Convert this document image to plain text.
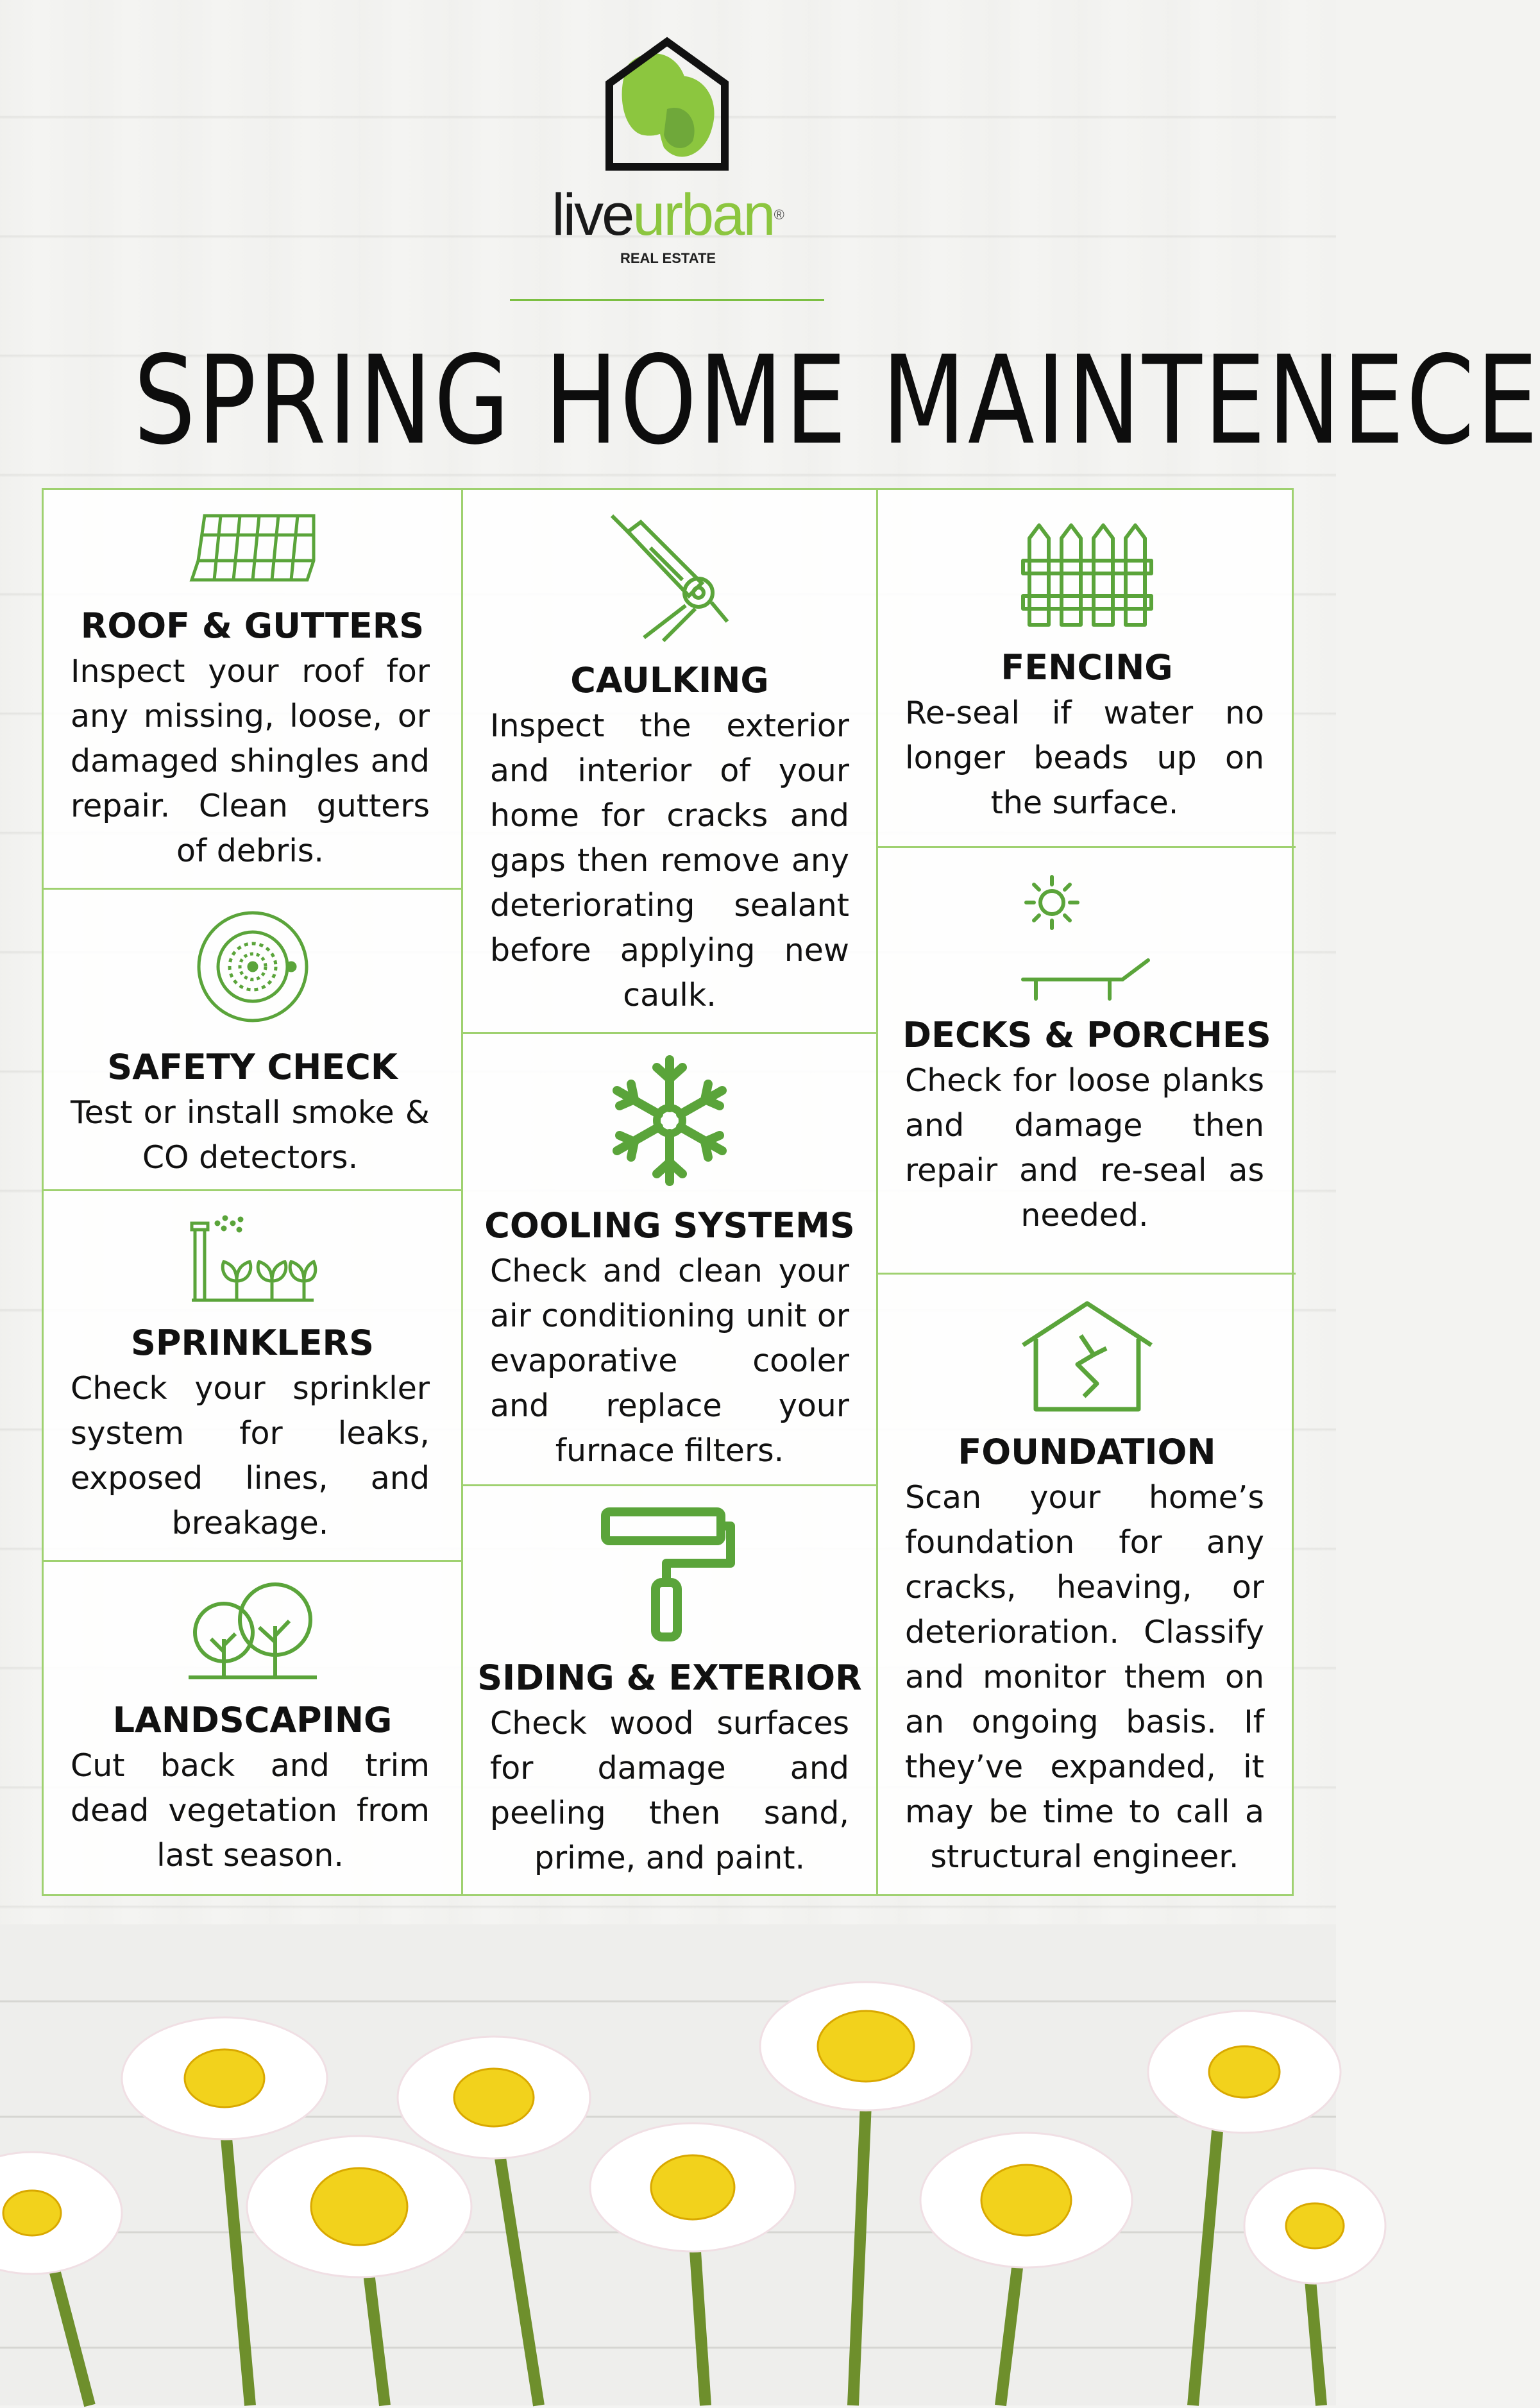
liveurban®
REAL ESTATE
SPRING HOME MAINTENECE
ROOF & GUTTERS
Inspect your roof for any missing, loose, or damaged shingles and repair. Clean gutters of debris.
SAFETY CHECK
Test or install smoke & CO detectors.
SPRINKLERS
Check your sprinkler system for leaks, exposed lines, and breakage.
LANDSCAPING
Cut back and trim dead vegetation from last season.
CAULKING
Inspect the exterior and interior of your home for cracks and gaps then remove any deteriorating sealant before applying new caulk.
COOLING SYSTEMS
Check and clean your air conditioning unit or evaporative cooler and replace your furnace filters.
SIDING & EXTERIOR
Check wood surfaces for damage and peeling then sand, prime, and paint.
FENCING
Re-seal if water no longer beads up on the surface.
DECKS & PORCHES
Check for loose planks and damage then repair and re-seal as needed.
FOUNDATION
Scan your home’s foundation for any cracks, heaving, or deterioration. Classify and monitor them on an ongoing basis. If they’ve expanded, it may be time to call a structural engineer.
